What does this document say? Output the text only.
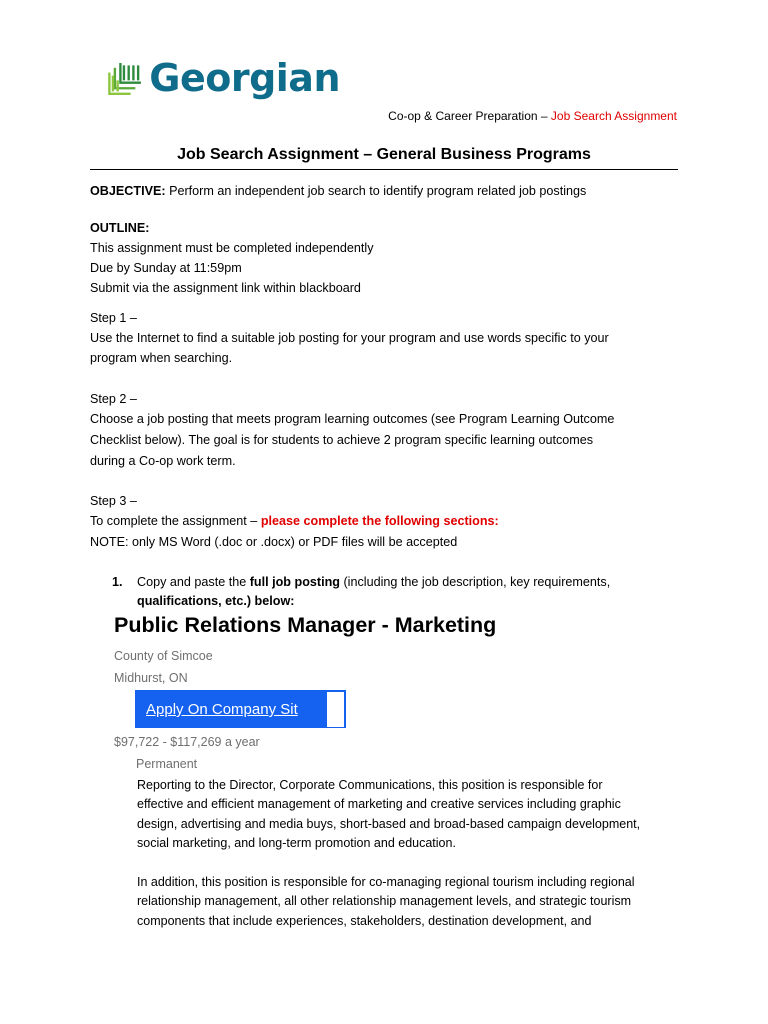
Georgian
Co-op & Career Preparation – Job Search Assignment
Job Search Assignment – General Business Programs
OBJECTIVE: Perform an independent job search to identify program related job postings
OUTLINE:
This assignment must be completed independently
Due by Sunday at 11:59pm
Submit via the assignment link within blackboard
Step 1 –
Use the Internet to find a suitable job posting for your program and use words specific to your
program when searching.
Step 2 –
Choose a job posting that meets program learning outcomes (see Program Learning Outcome
Checklist below). The goal is for students to achieve 2 program specific learning outcomes
during a Co-op work term.
Step 3 –
To complete the assignment – please complete the following sections:
NOTE: only MS Word (.doc or .docx) or PDF files will be accepted
1. Copy and paste the full job posting (including the job description, key requirements,
qualifications, etc.) below:
Public Relations Manager - Marketing
County of Simcoe
Midhurst, ON
Apply On Company Sit
$97,722 - $117,269 a year
Permanent
Reporting to the Director, Corporate Communications, this position is responsible for
effective and efficient management of marketing and creative services including graphic
design, advertising and media buys, short-based and broad-based campaign development,
social marketing, and long-term promotion and education.
In addition, this position is responsible for co-managing regional tourism including regional
relationship management, all other relationship management levels, and strategic tourism
components that include experiences, stakeholders, destination development, and
